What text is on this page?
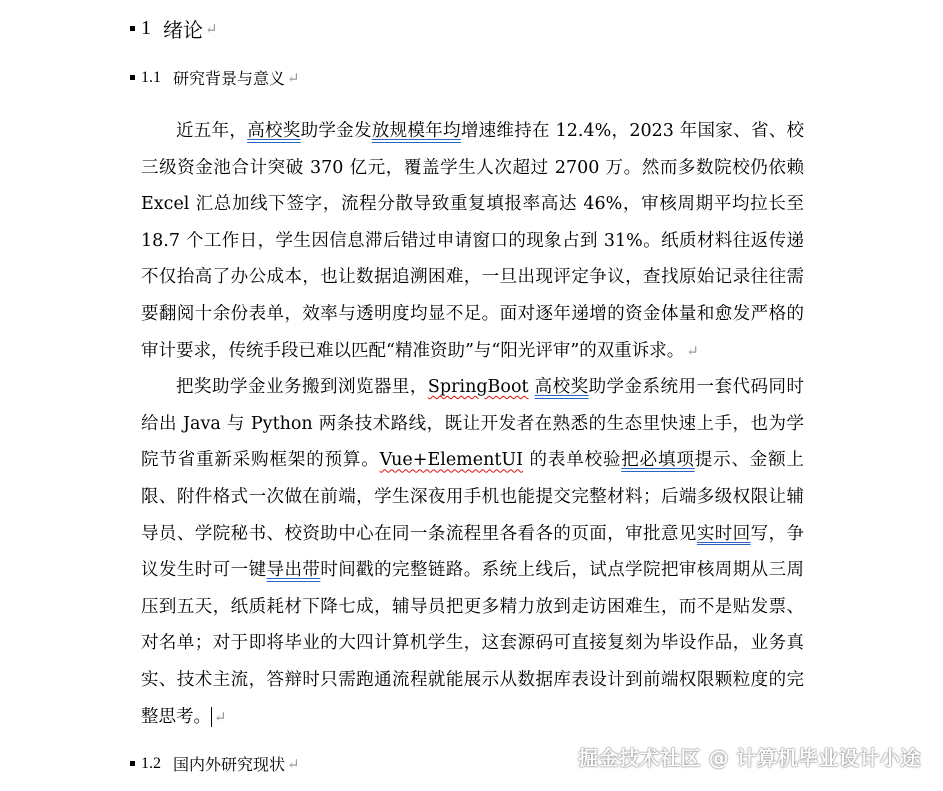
1 绪论 ↵
1.1 研究背景与意义 ↵

近五年，高校奖助学金发放规模年均增速维持在 12.4%，2023 年国家、省、校三级资金池合计突破 370 亿元，覆盖学生人次超过 2700 万。然而多数院校仍依赖 Excel 汇总加线下签字，流程分散导致重复填报率高达 46%，审核周期平均拉长至 18.7 个工作日，学生因信息滞后错过申请窗口的现象占到 31%。纸质材料往返传递不仅抬高了办公成本，也让数据追溯困难，一旦出现评定争议，查找原始记录往往需要翻阅十余份表单，效率与透明度均显不足。面对逐年递增的资金体量和愈发严格的审计要求，传统手段已难以匹配“精准资助”与“阳光评审”的双重诉求。 ↵

把奖助学金业务搬到浏览器里，SpringBoot 高校奖助学金系统用一套代码同时给出 Java 与 Python 两条技术路线，既让开发者在熟悉的生态里快速上手，也为学院节省重新采购框架的预算。Vue+ElementUI 的表单校验把必填项提示、金额上限、附件格式一次做在前端，学生深夜用手机也能提交完整材料；后端多级权限让辅导员、学院秘书、校资助中心在同一条流程里各看各的页面，审批意见实时回写，争议发生时可一键导出带时间戳的完整链路。系统上线后，试点学院把审核周期从三周压到五天，纸质耗材下降七成，辅导员把更多精力放到走访困难生，而不是贴发票、对名单；对于即将毕业的大四计算机学生，这套源码可直接复刻为毕设作品，业务真实、技术主流，答辩时只需跑通流程就能展示从数据库表设计到前端权限颗粒度的完整思考。 ↵

1.2 国内外研究现状 ↵	掘金技术社区 @ 计算机毕业设计小途
